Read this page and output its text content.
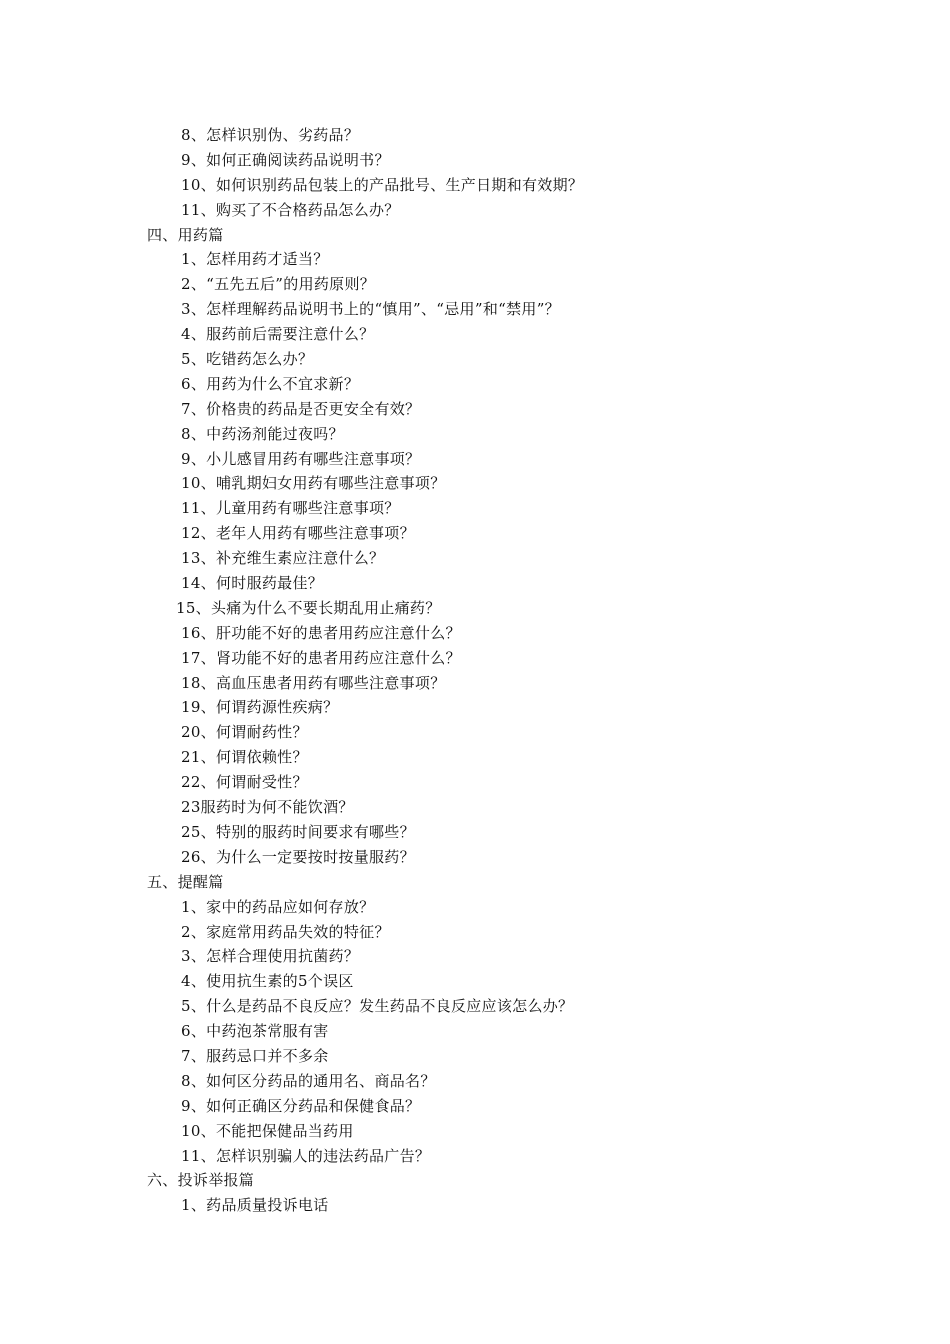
8、怎样识别伪、劣药品？
9、如何正确阅读药品说明书？
10、如何识别药品包装上的产品批号、生产日期和有效期？
11、购买了不合格药品怎么办？
四、用药篇
1、怎样用药才适当？
2、“五先五后”的用药原则？
3、怎样理解药品说明书上的“慎用”、“忌用”和“禁用”？
4、服药前后需要注意什么？
5、吃错药怎么办？
6、用药为什么不宜求新？
7、价格贵的药品是否更安全有效？
8、中药汤剂能过夜吗？
9、小儿感冒用药有哪些注意事项？
10、哺乳期妇女用药有哪些注意事项？
11、儿童用药有哪些注意事项？
12、老年人用药有哪些注意事项？
13、补充维生素应注意什么？
14、何时服药最佳？
15、头痛为什么不要长期乱用止痛药？
16、肝功能不好的患者用药应注意什么？
17、肾功能不好的患者用药应注意什么？
18、高血压患者用药有哪些注意事项？
19、何谓药源性疾病？
20、何谓耐药性？
21、何谓依赖性？
22、何谓耐受性？
23服药时为何不能饮酒？
25、特别的服药时间要求有哪些？
26、为什么一定要按时按量服药？
五、提醒篇
1、家中的药品应如何存放？
2、家庭常用药品失效的特征？
3、怎样合理使用抗菌药？
4、使用抗生素的5个误区
5、什么是药品不良反应？发生药品不良反应应该怎么办？
6、中药泡茶常服有害
7、服药忌口并不多余
8、如何区分药品的通用名、商品名？
9、如何正确区分药品和保健食品？
10、不能把保健品当药用
11、怎样识别骗人的违法药品广告？
六、投诉举报篇
1、药品质量投诉电话
